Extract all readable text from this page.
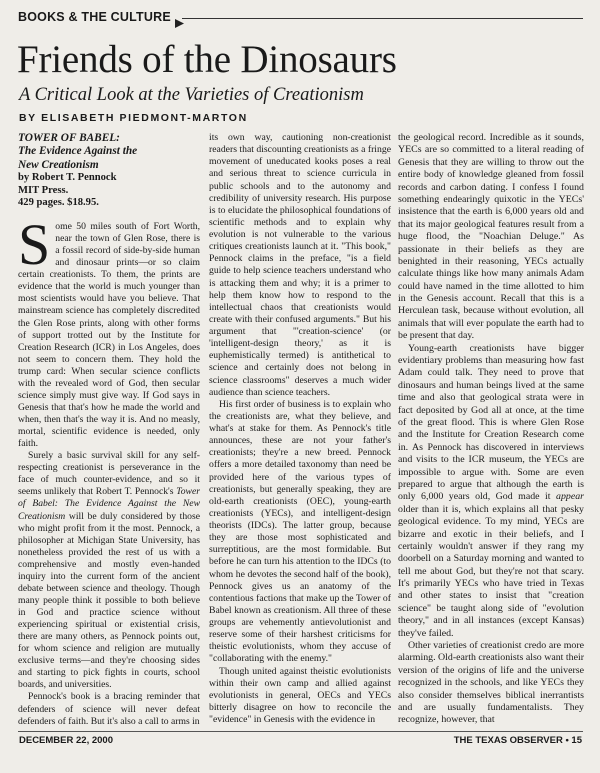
BOOKS & THE CULTURE
Friends of the Dinosaurs
A Critical Look at the Varieties of Creationism
BY ELISABETH PIEDMONT-MARTON
TOWER OF BABEL:
The Evidence Against the
New Creationism
by Robert T. Pennock
MIT Press.
429 pages. $18.95.

Some 50 miles south of Fort Worth, near the town of Glen Rose, there is a fossil record of side-by-side human and dinosaur prints—or so claim certain creationists. To them, the prints are evidence that the world is much younger than most scientists would have you believe. That mainstream science has completely discredited the Glen Rose prints, along with other forms of support trotted out by the Institute for Creation Research (ICR) in Los Angeles, does not seem to concern them. They hold the trump card: When secular science conflicts with the revealed word of God, then secular science simply must give way. If God says in Genesis that that's how he made the world and when, then that's the way it is. And no measly, mortal, scientific evidence is needed, only faith.

Surely a basic survival skill for any self-respecting creationist is perseverance in the face of much counter-evidence, and so it seems unlikely that Robert T. Pennock's Tower of Babel: The Evidence Against the New Creationism will be duly considered by those who might profit from it the most. Pennock, a philosopher at Michigan State University, has nonetheless provided the rest of us with a comprehensive and mostly even-handed inquiry into the current form of the ancient debate between science and theology. Though many people think it possible to both believe in God and practice science without experiencing spiritual or existential crisis, there are many others, as Pennock points out, for whom science and religion are mutually exclusive terms—and they're choosing sides and starting to pick fights in courts, school boards, and universities.

Pennock's book is a bracing reminder that defenders of science will never defeat defenders of faith. But it's also a call to arms in

its own way, cautioning non-creationist readers that discounting creationists as a fringe movement of uneducated kooks poses a real and serious threat to science curricula in public schools and to the autonomy and credibility of university research. His purpose is to elucidate the philosophical foundations of scientific methods and to explain why evolution is not vulnerable to the various critiques creationists launch at it. "This book," Pennock claims in the preface, "is a field guide to help science teachers understand who is attacking them and why; it is a primer to help them know how to respond to the intellectual chaos that creationists would create with their confused arguments." But his argument that "'creation-science' (or 'intelligent-design theory,' as it is euphemistically termed) is antithetical to science and certainly does not belong in science classrooms" deserves a much wider audience than science teachers.

His first order of business is to explain who the creationists are, what they believe, and what's at stake for them. As Pennock's title announces, these are not your father's creationists; they're a new breed. Pennock offers a more detailed taxonomy than need be provided here of the various types of creationists, but generally speaking, they are old-earth creationists (OEC), young-earth creationists (YECs), and intelligent-design theorists (IDCs). The latter group, because they are those most sophisticated and surreptitious, are the most formidable. But before he can turn his attention to the IDCs (to whom he devotes the second half of the book), Pennock gives us an anatomy of the contentious factions that make up the Tower of Babel known as creationism. All three of these groups are vehemently antievolutionist and reserve some of their harshest criticisms for theistic evolutionists, whom they accuse of "collaborating with the enemy."

Though united against theistic evolutionists within their own camp and allied against evolutionists in general, OECs and YECs bitterly disagree on how to reconcile the "evidence" in Genesis with the evidence in

the geological record. Incredible as it sounds, YECs are so committed to a literal reading of Genesis that they are willing to throw out the entire body of knowledge gleaned from fossil records and carbon dating. I confess I found something endearingly quixotic in the YECs' insistence that the earth is 6,000 years old and that its major geological features result from a huge flood, the "Noachian Deluge." As passionate in their beliefs as they are benighted in their reasoning, YECs actually calculate things like how many animals Adam could have named in the time allotted to him in the Genesis account. Recall that this is a Herculean task, because without evolution, all animals that will ever populate the earth had to be present that day.

Young-earth creationists have bigger evidentiary problems than measuring how fast Adam could talk. They need to prove that dinosaurs and human beings lived at the same time and also that geological strata were in fact deposited by God all at once, at the time of the great flood. This is where Glen Rose and the Institute for Creation Research come in. As Pennock has discovered in interviews and visits to the ICR museum, the YECs are impossible to argue with. Some are even prepared to argue that although the earth is only 6,000 years old, God made it appear older than it is, which explains all that pesky geological evidence. To my mind, YECs are bizarre and exotic in their beliefs, and I certainly wouldn't answer if they rang my doorbell on a Saturday morning and wanted to tell me about God, but they're not that scary. It's primarily YECs who have tried in Texas and other states to insist that "creation science" be taught along side of "evolution theory," and in all instances (except Kansas) they've failed.

Other varieties of creationist credo are more alarming. Old-earth creationists also want their version of the origins of life and the universe recognized in the schools, and like YECs they also consider themselves biblical inerrantists and are usually fundamentalists. They recognize, however, that

DECEMBER 22, 2000	THE TEXAS OBSERVER • 15
